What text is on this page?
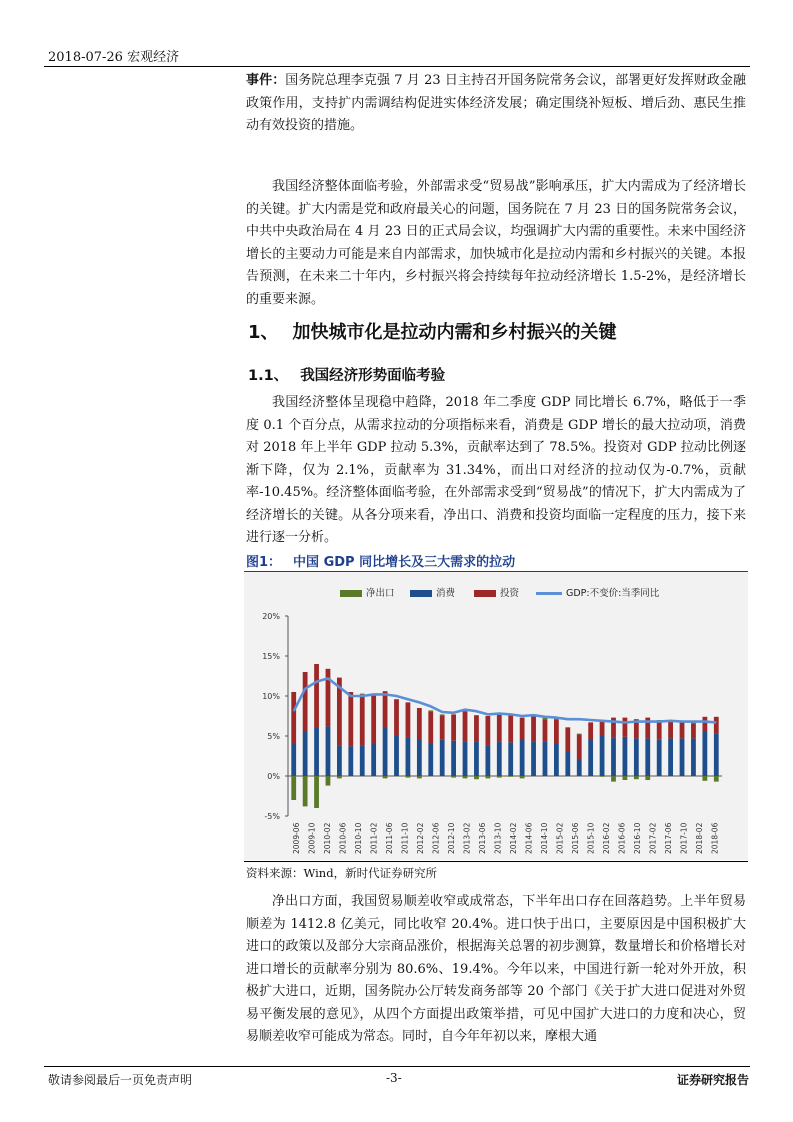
2018-07-26 宏观经济

事件：国务院总理李克强 7 月 23 日主持召开国务院常务会议，部署更好发挥财政金融政策作用，支持扩内需调结构促进实体经济发展；确定围绕补短板、增后劲、惠民生推动有效投资的措施。

我国经济整体面临考验，外部需求受“贸易战”影响承压，扩大内需成为了经济增长的关键。扩大内需是党和政府最关心的问题，国务院在 7 月 23 日的国务院常务会议，中共中央政治局在 4 月 23 日的正式局会议，均强调扩大内需的重要性。未来中国经济增长的主要动力可能是来自内部需求，加快城市化是拉动内需和乡村振兴的关键。本报告预测，在未来二十年内，乡村振兴将会持续每年拉动经济增长 1.5-2%，是经济增长的重要来源。

1、 加快城市化是拉动内需和乡村振兴的关键
1.1、 我国经济形势面临考验

我国经济整体呈现稳中趋降，2018 年二季度 GDP 同比增长 6.7%，略低于一季度 0.1 个百分点，从需求拉动的分项指标来看，消费是 GDP 增长的最大拉动项，消费对 2018 年上半年 GDP 拉动 5.3%，贡献率达到了 78.5%。投资对 GDP 拉动比例逐渐下降，仅为 2.1%，贡献率为 31.34%，而出口对经济的拉动仅为-0.7%，贡献率-10.45%。经济整体面临考验，在外部需求受到“贸易战”的情况下，扩大内需成为了经济增长的关键。从各分项来看，净出口、消费和投资均面临一定程度的压力，接下来进行逐一分析。

图1： 中国 GDP 同比增长及三大需求的拉动
净出口	消费	投资	GDP:不变价:当季同比
-5%
0%
5%
10%
15%
20%
2009-06 2009-10 2010-02 2010-06 2010-10 2011-02 2011-06 2011-10 2012-02 2012-06 2012-10 2013-02 2013-06 2013-10 2014-02 2014-06 2014-10 2015-02 2015-06 2015-10 2016-02 2016-06 2016-10 2017-02 2017-06 2017-10 2018-02 2018-06
资料来源：Wind，新时代证券研究所

净出口方面，我国贸易顺差收窄或成常态，下半年出口存在回落趋势。上半年贸易顺差为 1412.8 亿美元，同比收窄 20.4%。进口快于出口，主要原因是中国积极扩大进口的政策以及部分大宗商品涨价，根据海关总署的初步测算，数量增长和价格增长对进口增长的贡献率分别为 80.6%、19.4%。今年以来，中国进行新一轮对外开放，积极扩大进口，近期，国务院办公厅转发商务部等 20 个部门《关于扩大进口促进对外贸易平衡发展的意见》，从四个方面提出政策举措，可见中国扩大进口的力度和决心，贸易顺差收窄可能成为常态。同时，自今年年初以来，摩根大通

敬请参阅最后一页免责声明	-3-	证券研究报告
